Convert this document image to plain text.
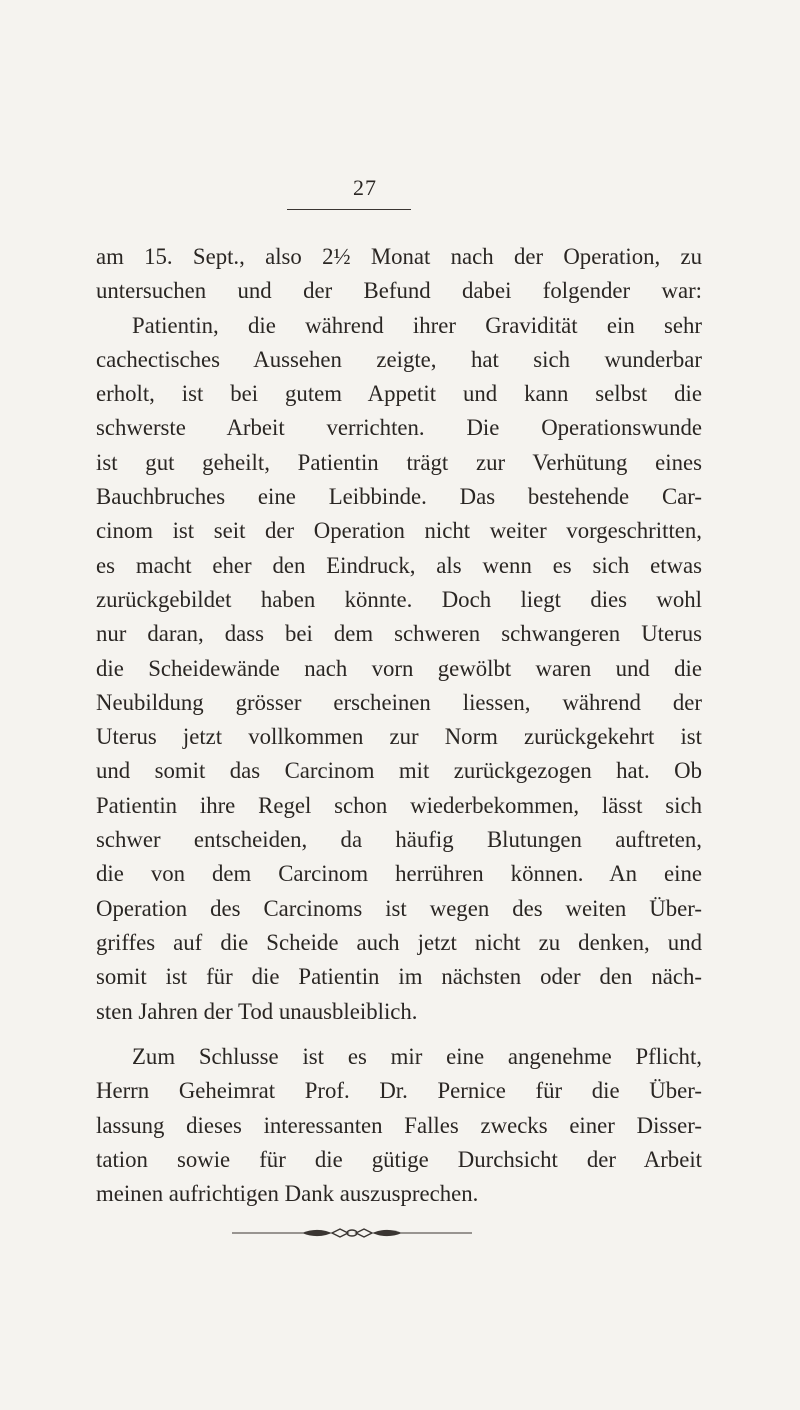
27
am 15. Sept., also 2½ Monat nach der Operation, zu
untersuchen und der Befund dabei folgender war:
Patientin, die während ihrer Gravidität ein sehr
cachectisches Aussehen zeigte, hat sich wunderbar
erholt, ist bei gutem Appetit und kann selbst die
schwerste Arbeit verrichten. Die Operationswunde
ist gut geheilt, Patientin trägt zur Verhütung eines
Bauchbruches eine Leibbinde. Das bestehende Car-
cinom ist seit der Operation nicht weiter vorgeschritten,
es macht eher den Eindruck, als wenn es sich etwas
zurückgebildet haben könnte. Doch liegt dies wohl
nur daran, dass bei dem schweren schwangeren Uterus
die Scheidewände nach vorn gewölbt waren und die
Neubildung grösser erscheinen liessen, während der
Uterus jetzt vollkommen zur Norm zurückgekehrt ist
und somit das Carcinom mit zurückgezogen hat. Ob
Patientin ihre Regel schon wiederbekommen, lässt sich
schwer entscheiden, da häufig Blutungen auftreten,
die von dem Carcinom herrühren können. An eine
Operation des Carcinoms ist wegen des weiten Über-
griffes auf die Scheide auch jetzt nicht zu denken, und
somit ist für die Patientin im nächsten oder den näch-
sten Jahren der Tod unausbleiblich.
Zum Schlusse ist es mir eine angenehme Pflicht,
Herrn Geheimrat Prof. Dr. Pernice für die Über-
lassung dieses interessanten Falles zwecks einer Disser-
tation sowie für die gütige Durchsicht der Arbeit
meinen aufrichtigen Dank auszusprechen.
